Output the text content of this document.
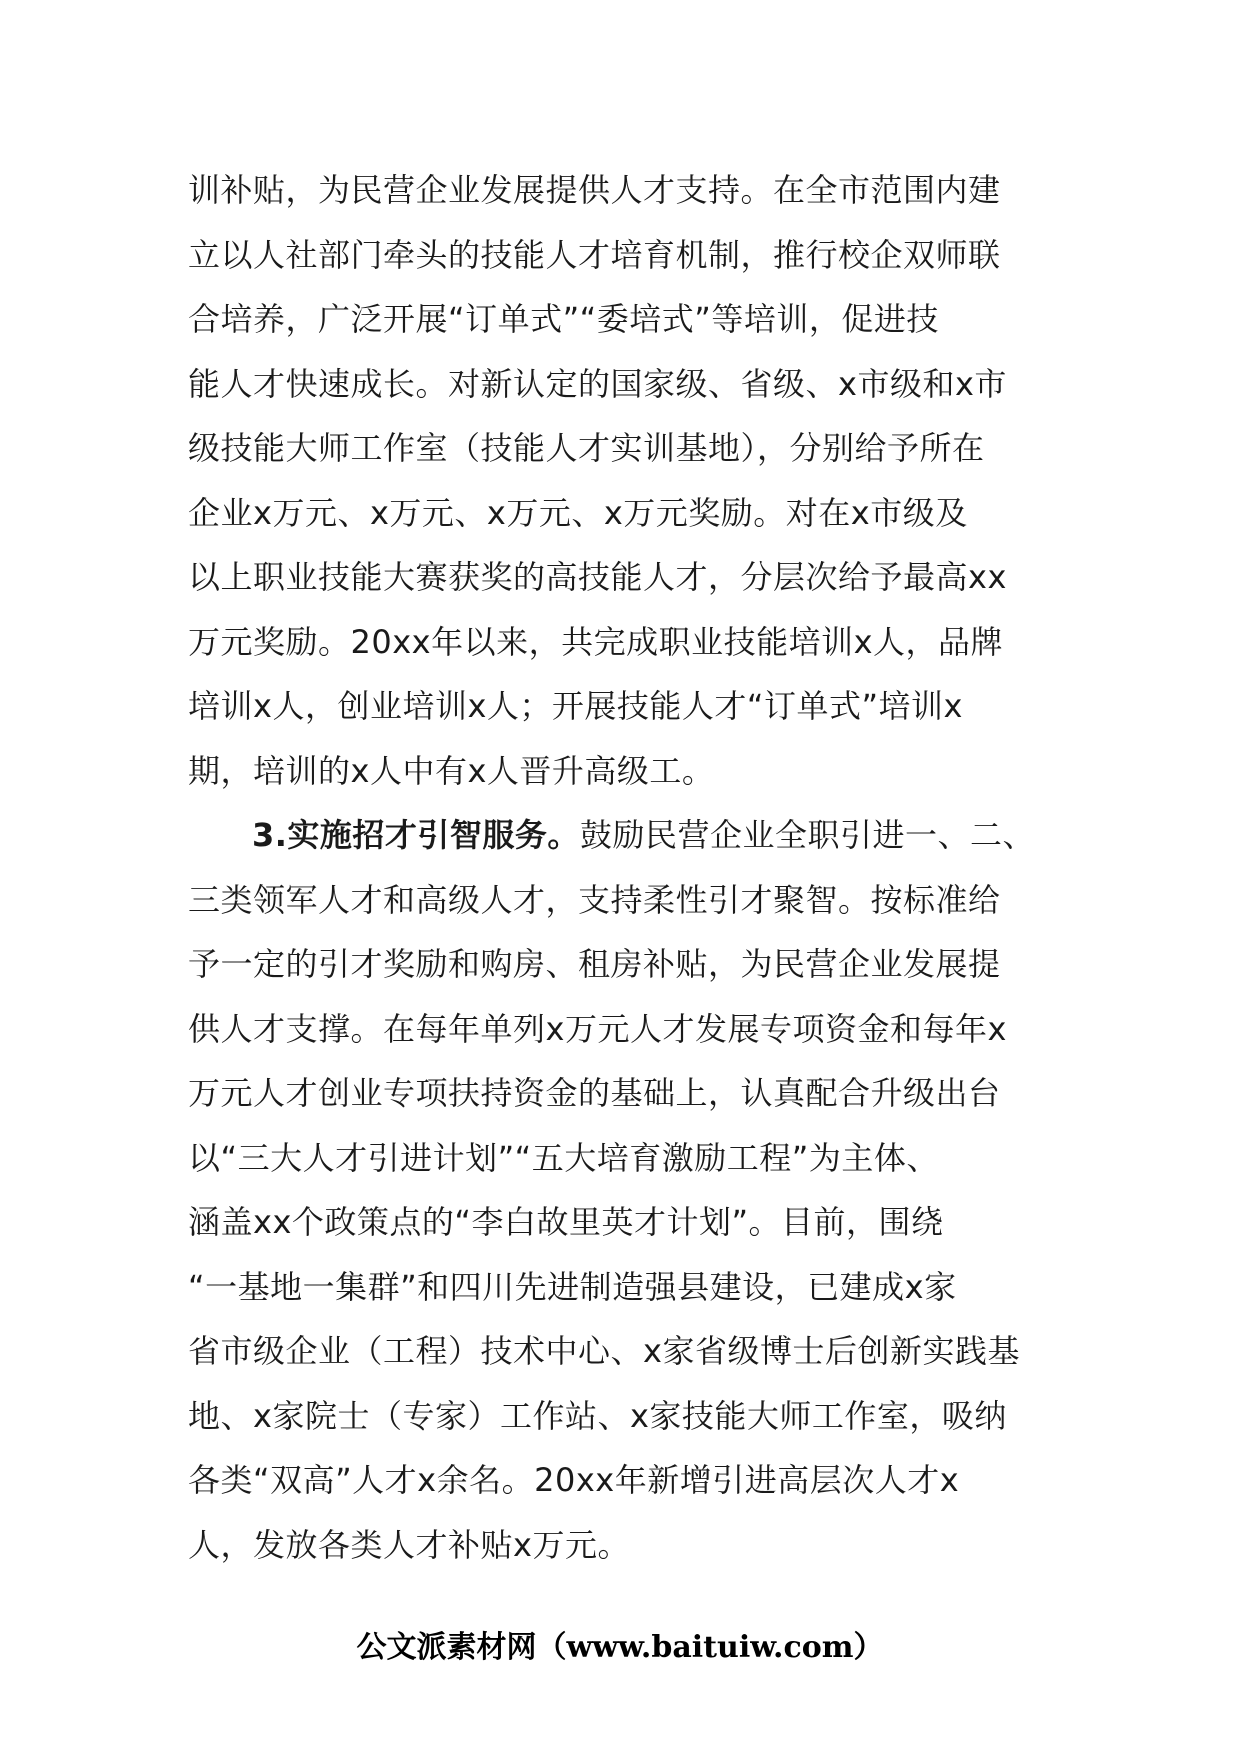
训补贴，为民营企业发展提供人才支持。在全市范围内建
立以人社部门牵头的技能人才培育机制，推行校企双师联
合培养，广泛开展“订单式”“委培式”等培训，促进技
能人才快速成长。对新认定的国家级、省级、x市级和x市
级技能大师工作室（技能人才实训基地），分别给予所在
企业x万元、x万元、x万元、x万元奖励。对在x市级及
以上职业技能大赛获奖的高技能人才，分层次给予最高xx
万元奖励。20xx年以来，共完成职业技能培训x人，品牌
培训x人，创业培训x人；开展技能人才“订单式”培训x
期，培训的x人中有x人晋升高级工。
3.实施招才引智服务。鼓励民营企业全职引进一、二、
三类领军人才和高级人才，支持柔性引才聚智。按标准给
予一定的引才奖励和购房、租房补贴，为民营企业发展提
供人才支撑。在每年单列x万元人才发展专项资金和每年x
万元人才创业专项扶持资金的基础上，认真配合升级出台
以“三大人才引进计划”“五大培育激励工程”为主体、
涵盖xx个政策点的“李白故里英才计划”。目前，围绕
“一基地一集群”和四川先进制造强县建设，已建成x家
省市级企业（工程）技术中心、x家省级博士后创新实践基
地、x家院士（专家）工作站、x家技能大师工作室，吸纳
各类“双高”人才x余名。20xx年新增引进高层次人才x
人，发放各类人才补贴x万元。
公文派素材网（www.baituiw.com）
